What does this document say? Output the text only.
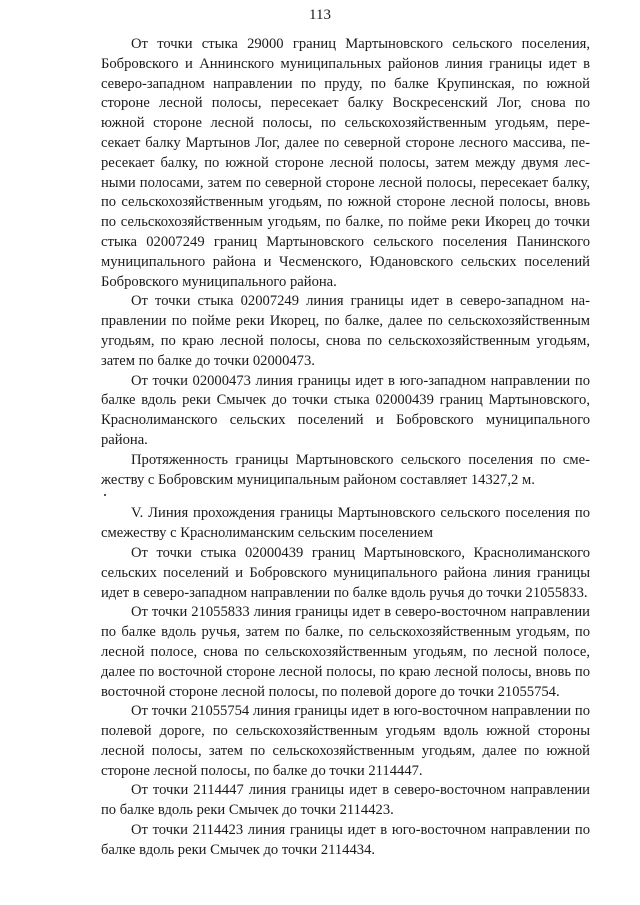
113

От точки стыка 29000 границ Мартыновского сельского поселения, Бобровского и Аннинского муниципальных районов линия границы идет в северо-западном направлении по пруду, по балке Крупинская, по южной стороне лесной полосы, пересекает балку Воскресенский Лог, снова по южной стороне лесной полосы, по сельскохозяйственным угодьям, пересекает балку Мартынов Лог, далее по северной стороне лесного массива, пересекает балку, по южной стороне лесной полосы, затем между двумя лесными полосами, затем по северной стороне лесной полосы, пересекает балку, по сельскохозяйственным угодьям, по южной стороне лесной полосы, вновь по сельскохозяйственным угодьям, по балке, по пойме реки Икорец до точки стыка 02007249 границ Мартыновского сельского поселения Панинского муниципального района и Чесменского, Юдановского сельских поселений Бобровского муниципального района.

От точки стыка 02007249 линия границы идет в северо-западном направлении по пойме реки Икорец, по балке, далее по сельскохозяйственным угодьям, по краю лесной полосы, снова по сельскохозяйственным угодьям, затем по балке до точки 02000473.

От точки 02000473 линия границы идет в юго-западном направлении по балке вдоль реки Смычек до точки стыка 02000439 границ Мартыновского, Краснолиманского сельских поселений и Бобровского муниципального района.

Протяженность границы Мартыновского сельского поселения по смежеству с Бобровским муниципальным районом составляет 14327,2 м.

V. Линия прохождения границы Мартыновского сельского поселения по смежеству с Краснолиманским сельским поселением

От точки стыка 02000439 границ Мартыновского, Краснолиманского сельских поселений и Бобровского муниципального района линия границы идет в северо-западном направлении по балке вдоль ручья до точки 21055833.

От точки 21055833 линия границы идет в северо-восточном направлении по балке вдоль ручья, затем по балке, по сельскохозяйственным угодьям, по лесной полосе, снова по сельскохозяйственным угодьям, по лесной полосе, далее по восточной стороне лесной полосы, по краю лесной полосы, вновь по восточной стороне лесной полосы, по полевой дороге до точки 21055754.

От точки 21055754 линия границы идет в юго-восточном направлении по полевой дороге, по сельскохозяйственным угодьям вдоль южной стороны лесной полосы, затем по сельскохозяйственным угодьям, далее по южной стороне лесной полосы, по балке до точки 2114447.

От точки 2114447 линия границы идет в северо-восточном направлении по балке вдоль реки Смычек до точки 2114423.

От точки 2114423 линия границы идет в юго-восточном направлении по балке вдоль реки Смычек до точки 2114434.
